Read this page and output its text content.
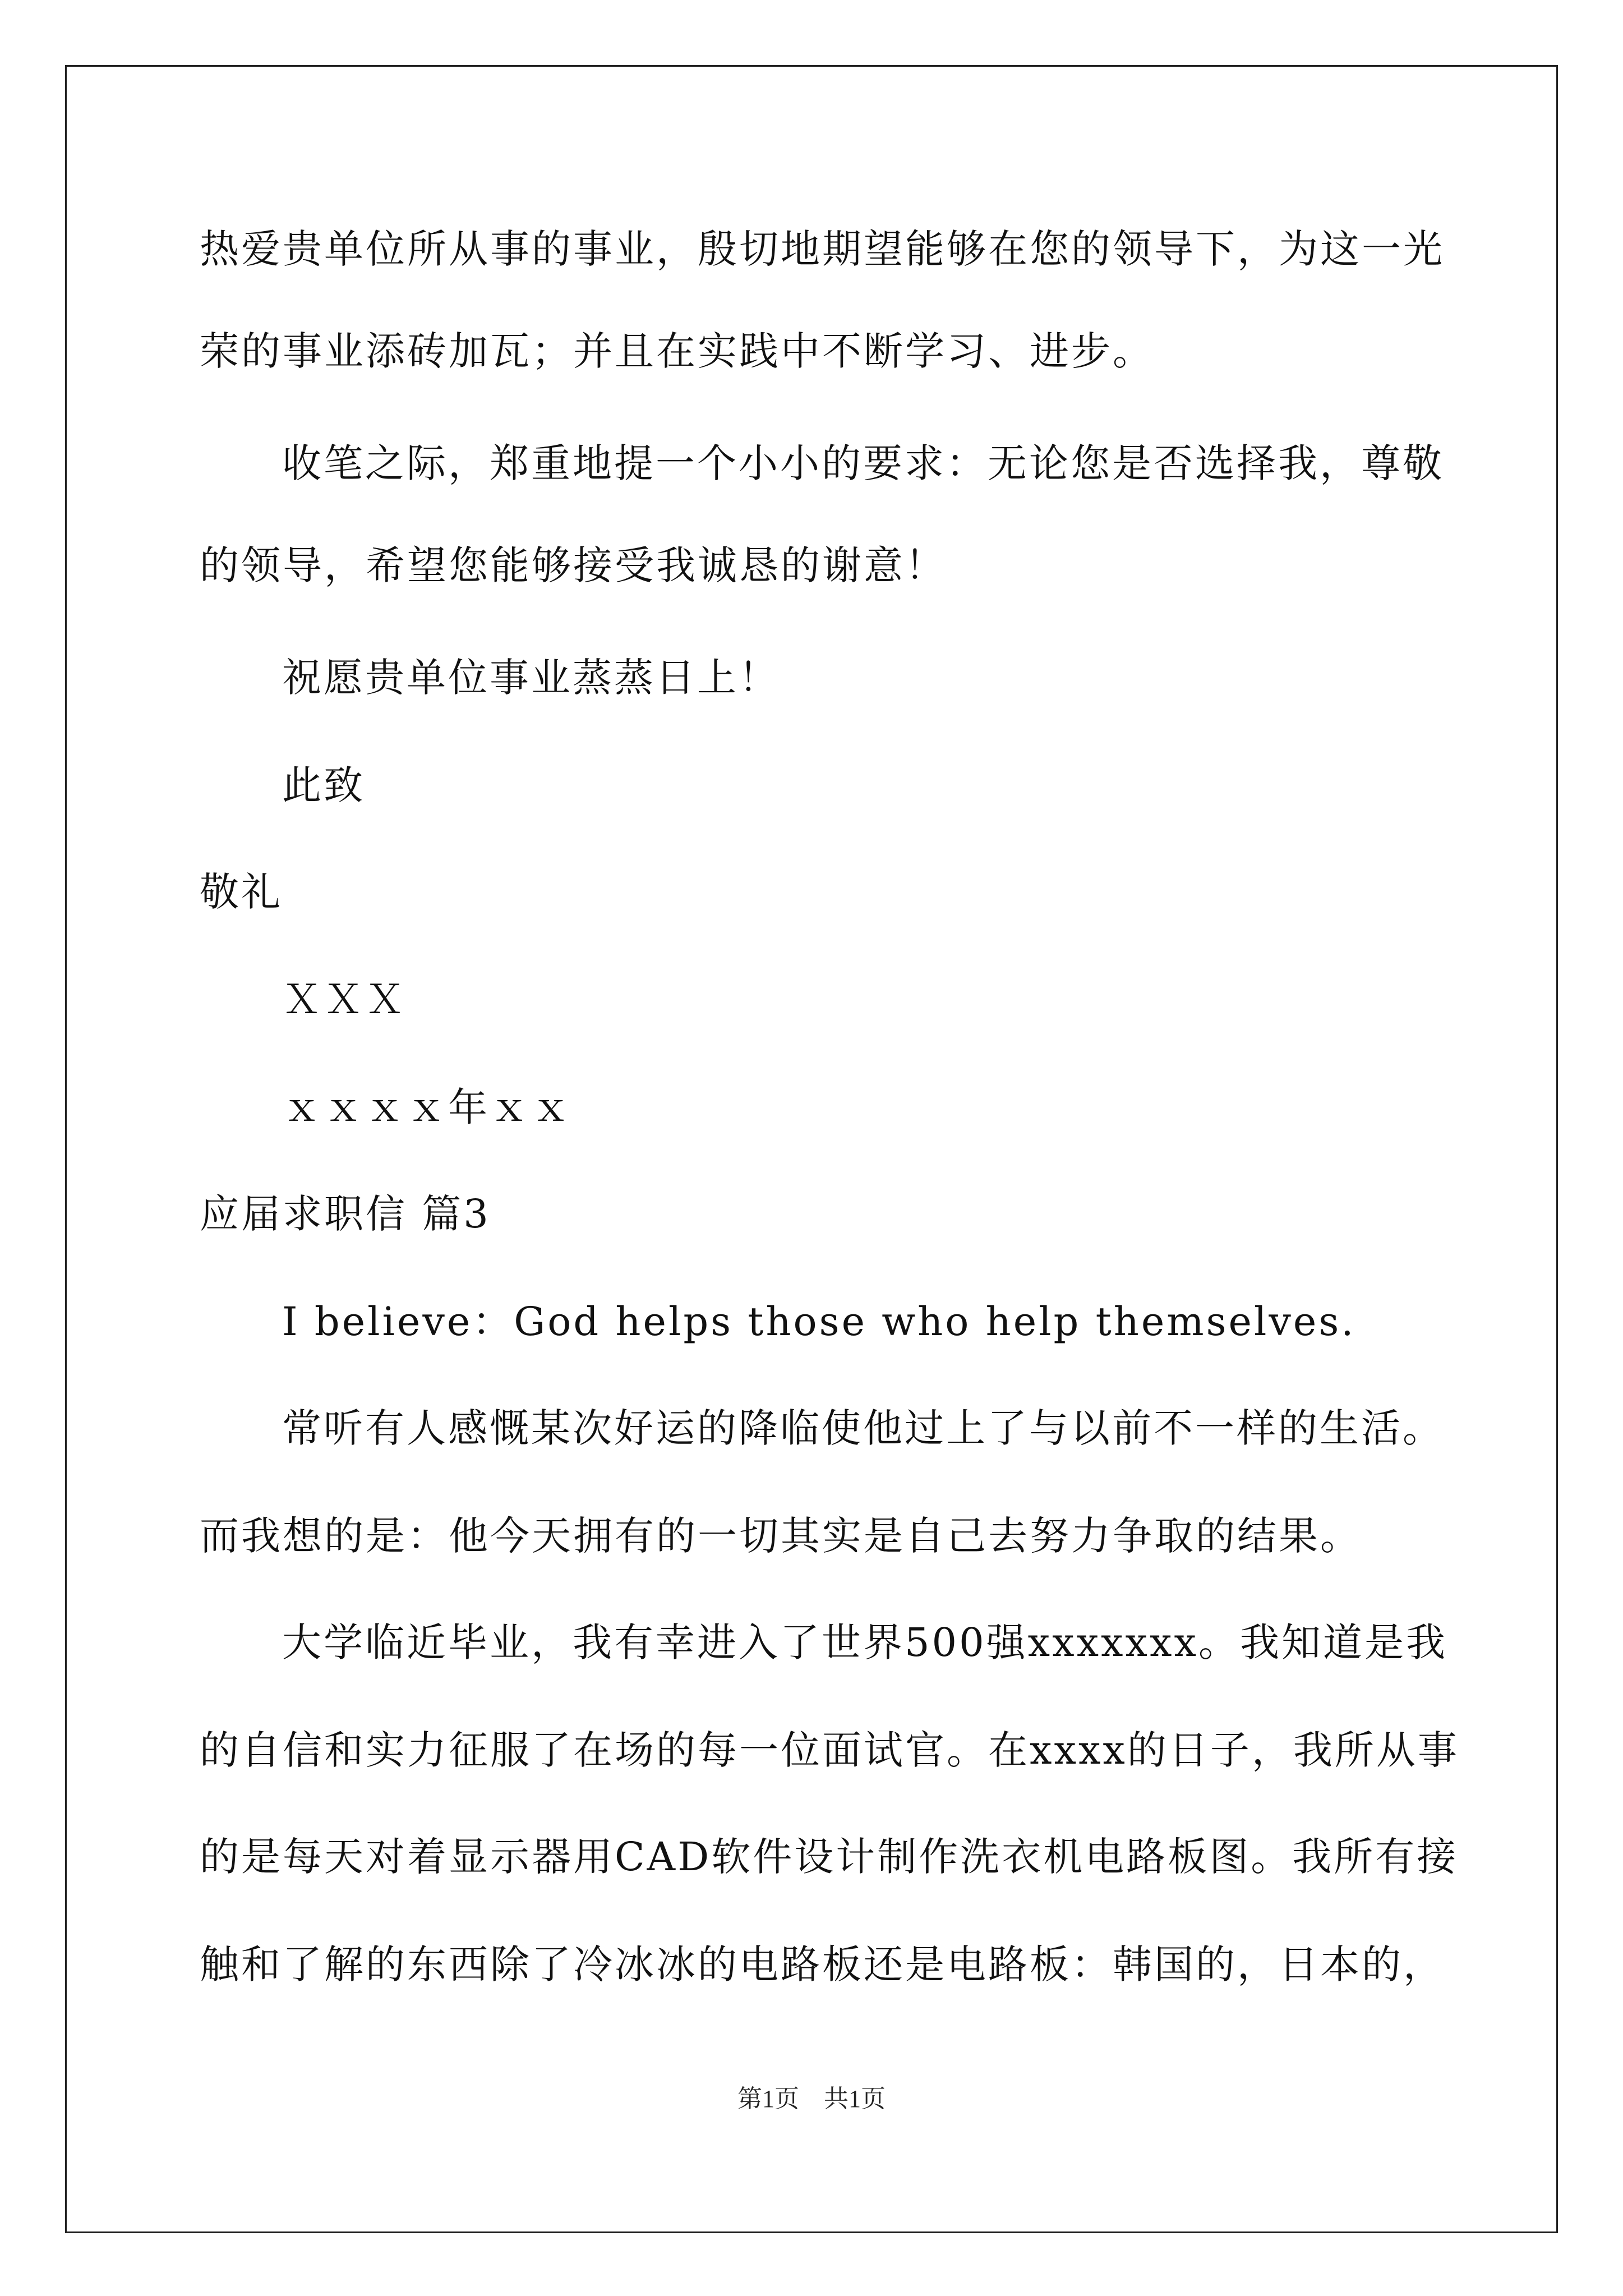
热爱贵单位所从事的事业，殷切地期望能够在您的领导下，为这一光
荣的事业添砖加瓦；并且在实践中不断学习、进步。
收笔之际，郑重地提一个小小的要求：无论您是否选择我，尊敬
的领导，希望您能够接受我诚恳的谢意！
祝愿贵单位事业蒸蒸日上！
此致
敬礼
ＸＸＸ
ｘｘｘｘ年ｘｘ
应届求职信 篇3
I believe：God helps those who help themselves.
常听有人感慨某次好运的降临使他过上了与以前不一样的生活。
而我想的是：他今天拥有的一切其实是自己去努力争取的结果。
大学临近毕业，我有幸进入了世界500强xxxxxxx。我知道是我
的自信和实力征服了在场的每一位面试官。在xxxx的日子，我所从事
的是每天对着显示器用CAD软件设计制作洗衣机电路板图。我所有接
触和了解的东西除了冷冰冰的电路板还是电路板：韩国的，日本的，
第1页　共1页
